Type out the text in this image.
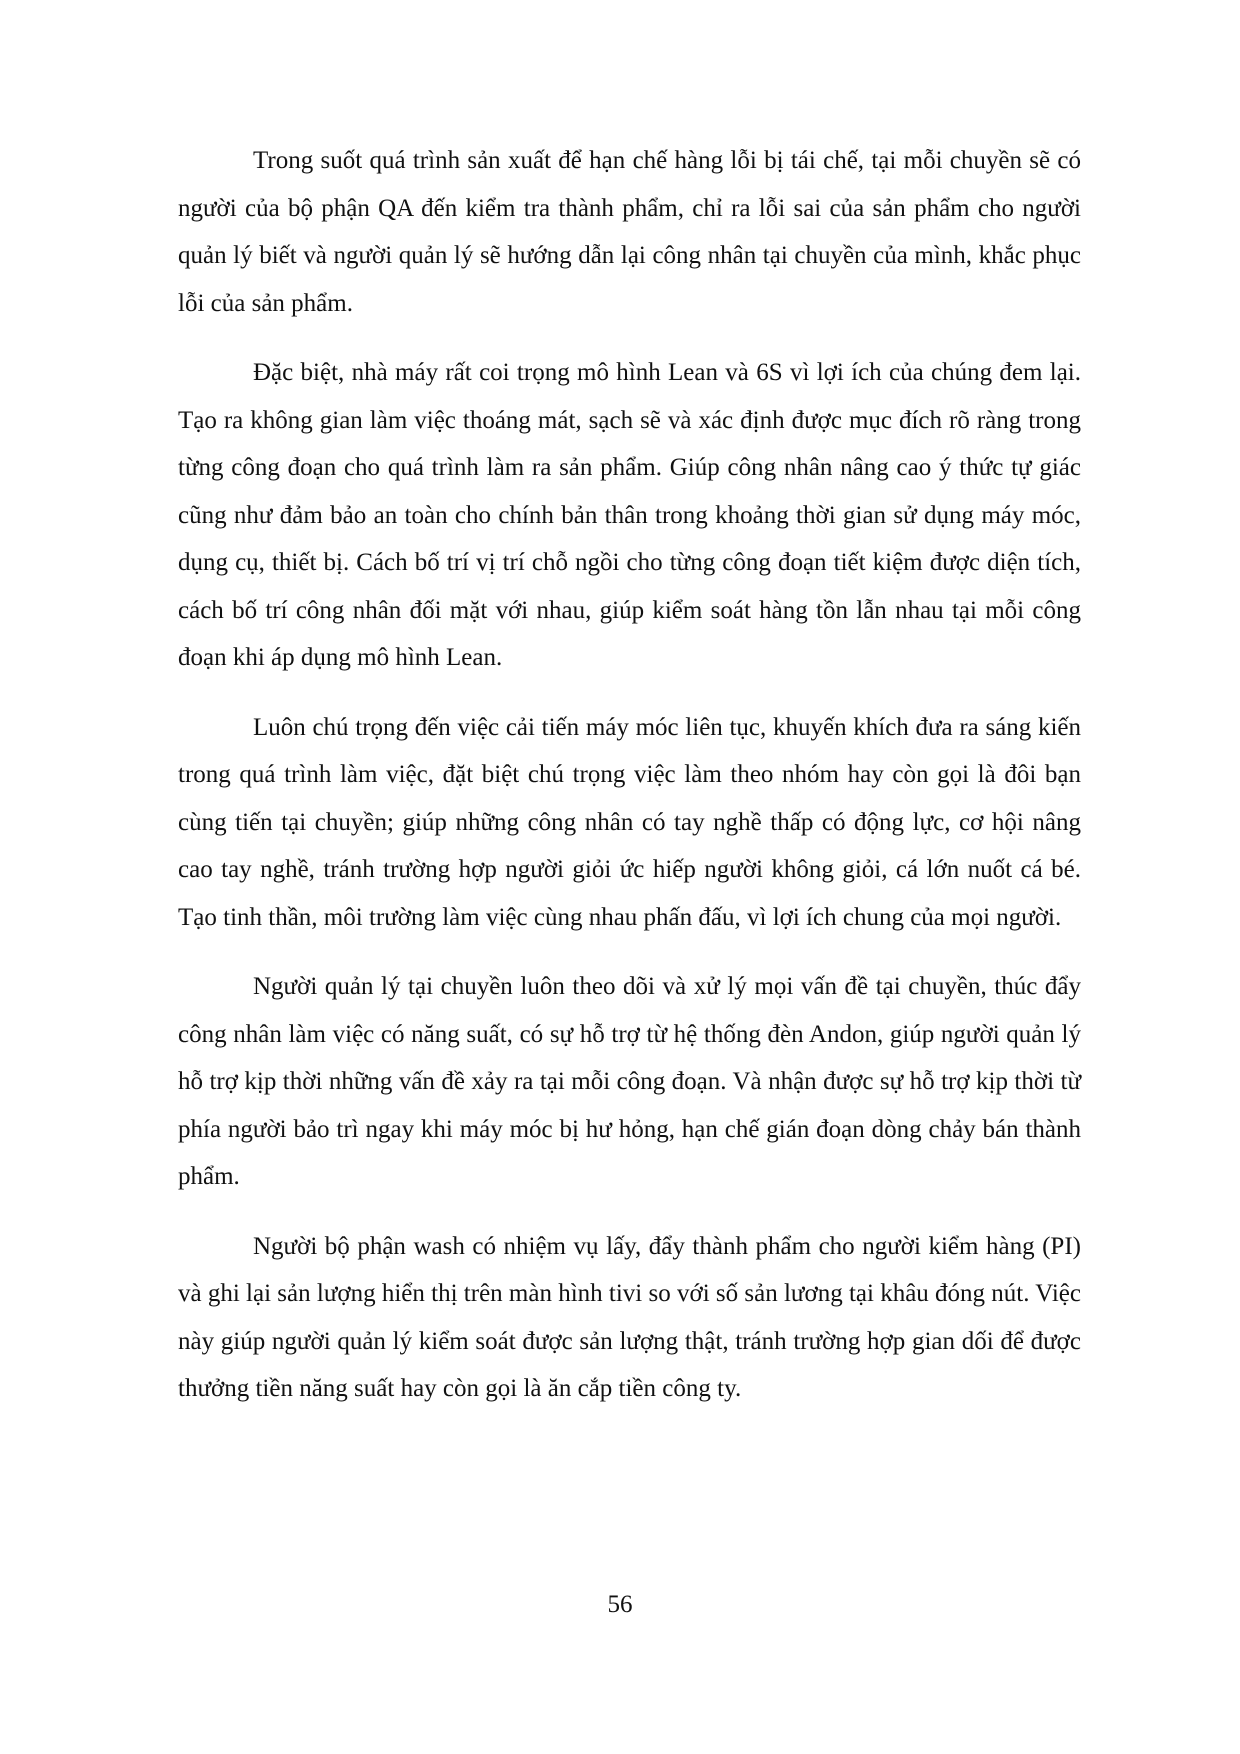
Trong suốt quá trình sản xuất để hạn chế hàng lỗi bị tái chế, tại mỗi chuyền sẽ có người của bộ phận QA đến kiểm tra thành phẩm, chỉ ra lỗi sai của sản phẩm cho người quản lý biết và người quản lý sẽ hướng dẫn lại công nhân tại chuyền của mình, khắc phục lỗi của sản phẩm.

Đặc biệt, nhà máy rất coi trọng mô hình Lean và 6S vì lợi ích của chúng đem lại. Tạo ra không gian làm việc thoáng mát, sạch sẽ và xác định được mục đích rõ ràng trong từng công đoạn cho quá trình làm ra sản phẩm. Giúp công nhân nâng cao ý thức tự giác cũng như đảm bảo an toàn cho chính bản thân trong khoảng thời gian sử dụng máy móc, dụng cụ, thiết bị. Cách bố trí vị trí chỗ ngồi cho từng công đoạn tiết kiệm được diện tích, cách bố trí công nhân đối mặt với nhau, giúp kiểm soát hàng tồn lẫn nhau tại mỗi công đoạn khi áp dụng mô hình Lean.

Luôn chú trọng đến việc cải tiến máy móc liên tục, khuyến khích đưa ra sáng kiến trong quá trình làm việc, đặt biệt chú trọng việc làm theo nhóm hay còn gọi là đôi bạn cùng tiến tại chuyền; giúp những công nhân có tay nghề thấp có động lực, cơ hội nâng cao tay nghề, tránh trường hợp người giỏi ức hiếp người không giỏi, cá lớn nuốt cá bé. Tạo tinh thần, môi trường làm việc cùng nhau phấn đấu, vì lợi ích chung của mọi người.

Người quản lý tại chuyền luôn theo dõi và xử lý mọi vấn đề tại chuyền, thúc đẩy công nhân làm việc có năng suất, có sự hỗ trợ từ hệ thống đèn Andon, giúp người quản lý hỗ trợ kịp thời những vấn đề xảy ra tại mỗi công đoạn. Và nhận được sự hỗ trợ kịp thời từ phía người bảo trì ngay khi máy móc bị hư hỏng, hạn chế gián đoạn dòng chảy bán thành phẩm.

Người bộ phận wash có nhiệm vụ lấy, đẩy thành phẩm cho người kiểm hàng (PI) và ghi lại sản lượng hiển thị trên màn hình tivi so với số sản lương tại khâu đóng nút. Việc này giúp người quản lý kiểm soát được sản lượng thật, tránh trường hợp gian dối để được thưởng tiền năng suất hay còn gọi là ăn cắp tiền công ty.

56
